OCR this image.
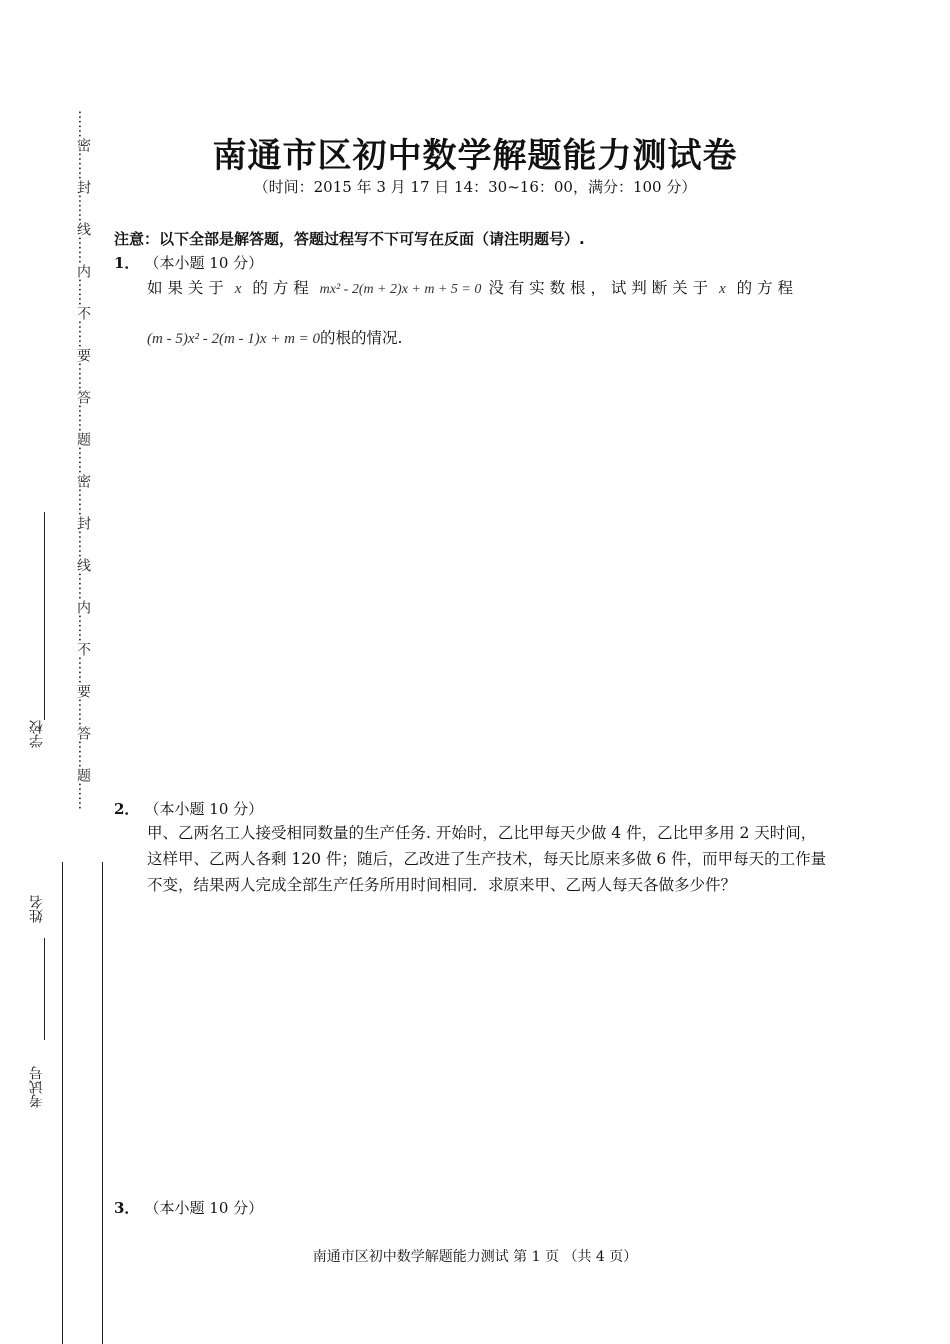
……密……封……线……内……不……要……答……题……密……封……线……内……不……要……答……题……
学校
姓名
考试号
南通市区初中数学解题能力测试卷
（时间：2015 年 3 月 17 日 14：30~16：00，满分：100 分）
注意：以下全部是解答题，答题过程写不下可写在反面（请注明题号）.
1． （本小题 10 分）
如 果 关 于 x 的 方 程 mx² - 2(m + 2)x + m + 5 = 0 没 有 实 数 根 ， 试 判 断 关 于 x 的 方 程
(m - 5)x² - 2(m - 1)x + m = 0的根的情况.
2． （本小题 10 分）
甲、乙两名工人接受相同数量的生产任务. 开始时，乙比甲每天少做 4 件，乙比甲多用 2 天时间，
这样甲、乙两人各剩 120 件；随后，乙改进了生产技术，每天比原来多做 6 件，而甲每天的工作量
不变，结果两人完成全部生产任务所用时间相同．求原来甲、乙两人每天各做多少件？
3． （本小题 10 分）
南通市区初中数学解题能力测试 第 1 页 （共 4 页）
